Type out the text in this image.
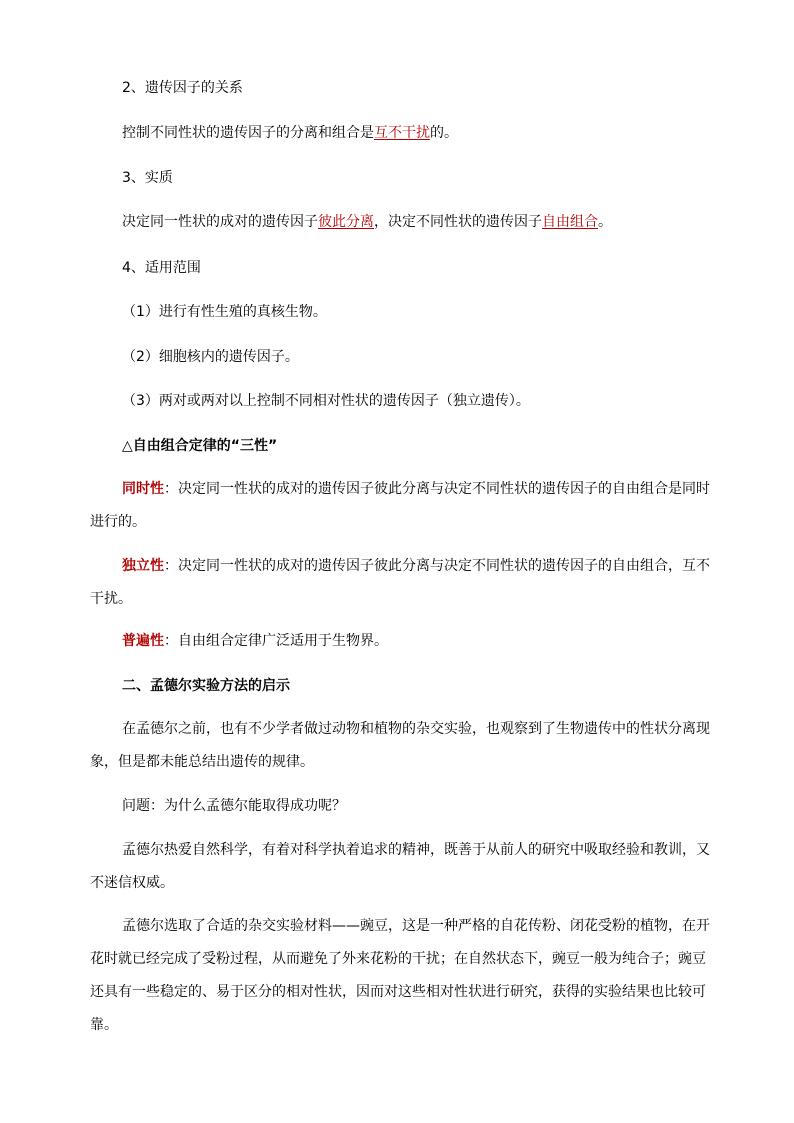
2、遗传因子的关系
控制不同性状的遗传因子的分离和组合是互不干扰的。
3、实质
决定同一性状的成对的遗传因子彼此分离，决定不同性状的遗传因子自由组合。
4、适用范围
（1）进行有性生殖的真核生物。
（2）细胞核内的遗传因子。
（3）两对或两对以上控制不同相对性状的遗传因子（独立遗传）。
△自由组合定律的“三性”
同时性：决定同一性状的成对的遗传因子彼此分离与决定不同性状的遗传因子的自由组合是同时进行的。
独立性：决定同一性状的成对的遗传因子彼此分离与决定不同性状的遗传因子的自由组合，互不干扰。
普遍性：自由组合定律广泛适用于生物界。
二、孟德尔实验方法的启示
在孟德尔之前，也有不少学者做过动物和植物的杂交实验，也观察到了生物遗传中的性状分离现象，但是都未能总结出遗传的规律。
问题：为什么孟德尔能取得成功呢？
孟德尔热爱自然科学，有着对科学执着追求的精神，既善于从前人的研究中吸取经验和教训，又不迷信权威。
孟德尔选取了合适的杂交实验材料——豌豆，这是一种严格的自花传粉、闭花受粉的植物，在开花时就已经完成了受粉过程，从而避免了外来花粉的干扰；在自然状态下，豌豆一般为纯合子；豌豆还具有一些稳定的、易于区分的相对性状，因而对这些相对性状进行研究，获得的实验结果也比较可靠。
